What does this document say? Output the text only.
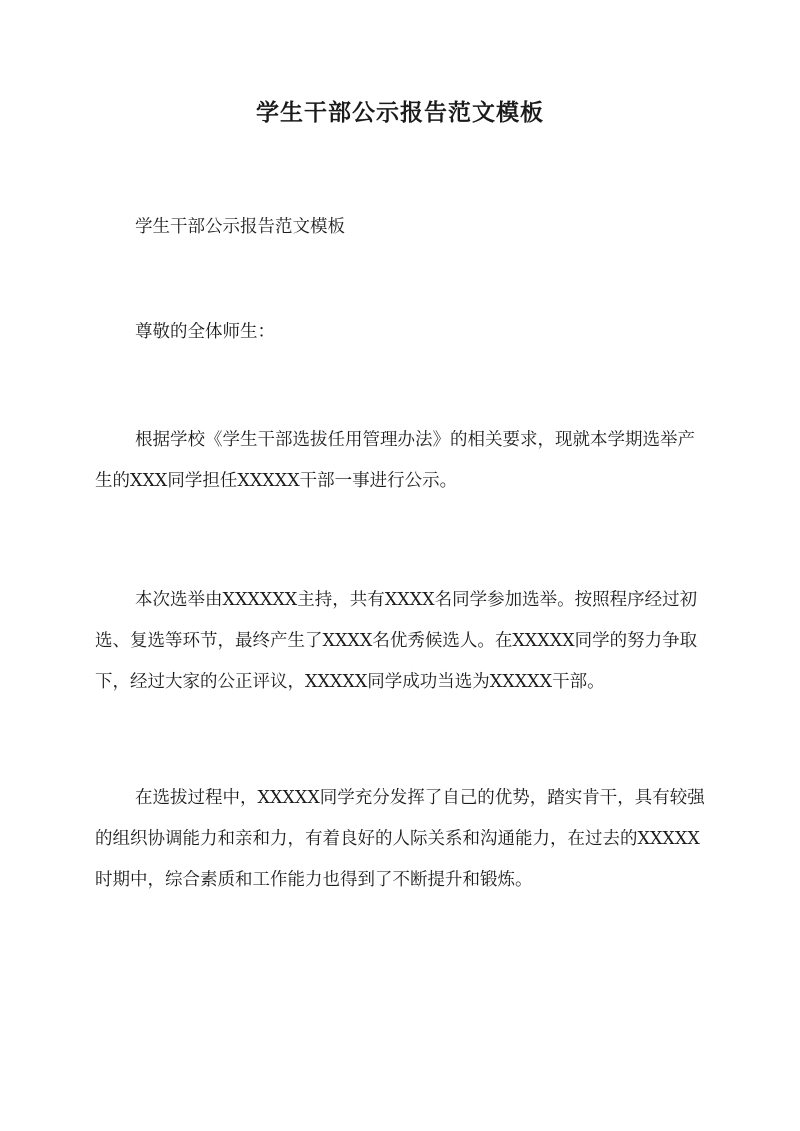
学生干部公示报告范文模板

学生干部公示报告范文模板

尊敬的全体师生：

根据学校《学生干部选拔任用管理办法》的相关要求，现就本学期选举产生的XXX同学担任XXXXX干部一事进行公示。

本次选举由XXXXXX主持，共有XXXX名同学参加选举。按照程序经过初选、复选等环节，最终产生了XXXX名优秀候选人。在XXXXX同学的努力争取下，经过大家的公正评议，XXXXX同学成功当选为XXXXX干部。

在选拔过程中，XXXXX同学充分发挥了自己的优势，踏实肯干，具有较强的组织协调能力和亲和力，有着良好的人际关系和沟通能力，在过去的XXXXX时期中，综合素质和工作能力也得到了不断提升和锻炼。
